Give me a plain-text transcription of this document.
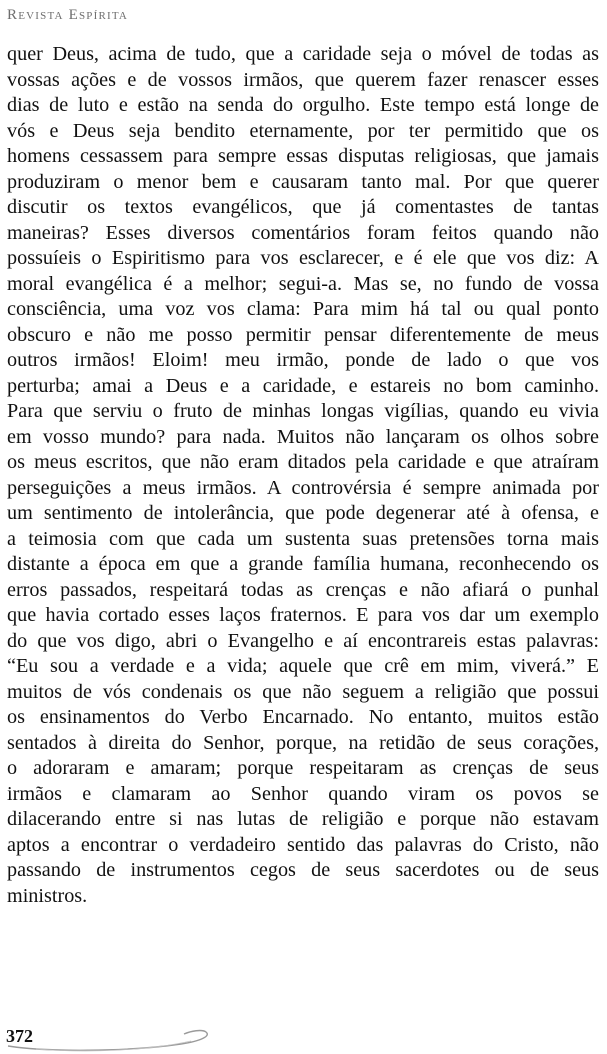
Revista Espírita
quer Deus, acima de tudo, que a caridade seja o móvel de todas as
vossas ações e de vossos irmãos, que querem fazer renascer esses
dias de luto e estão na senda do orgulho. Este tempo está longe de
vós e Deus seja bendito eternamente, por ter permitido que os
homens cessassem para sempre essas disputas religiosas, que jamais
produziram o menor bem e causaram tanto mal. Por que querer
discutir os textos evangélicos, que já comentastes de tantas
maneiras? Esses diversos comentários foram feitos quando não
possuíeis o Espiritismo para vos esclarecer, e é ele que vos diz: A
moral evangélica é a melhor; segui-a. Mas se, no fundo de vossa
consciência, uma voz vos clama: Para mim há tal ou qual ponto
obscuro e não me posso permitir pensar diferentemente de meus
outros irmãos! Eloim! meu irmão, ponde de lado o que vos
perturba; amai a Deus e a caridade, e estareis no bom caminho.
Para que serviu o fruto de minhas longas vigílias, quando eu vivia
em vosso mundo? para nada. Muitos não lançaram os olhos sobre
os meus escritos, que não eram ditados pela caridade e que atraíram
perseguições a meus irmãos. A controvérsia é sempre animada por
um sentimento de intolerância, que pode degenerar até à ofensa, e
a teimosia com que cada um sustenta suas pretensões torna mais
distante a época em que a grande família humana, reconhecendo os
erros passados, respeitará todas as crenças e não afiará o punhal
que havia cortado esses laços fraternos. E para vos dar um exemplo
do que vos digo, abri o Evangelho e aí encontrareis estas palavras:
“Eu sou a verdade e a vida; aquele que crê em mim, viverá.” E
muitos de vós condenais os que não seguem a religião que possui
os ensinamentos do Verbo Encarnado. No entanto, muitos estão
sentados à direita do Senhor, porque, na retidão de seus corações,
o adoraram e amaram; porque respeitaram as crenças de seus
irmãos e clamaram ao Senhor quando viram os povos se
dilacerando entre si nas lutas de religião e porque não estavam
aptos a encontrar o verdadeiro sentido das palavras do Cristo, não
passando de instrumentos cegos de seus sacerdotes ou de seus
ministros.
372
